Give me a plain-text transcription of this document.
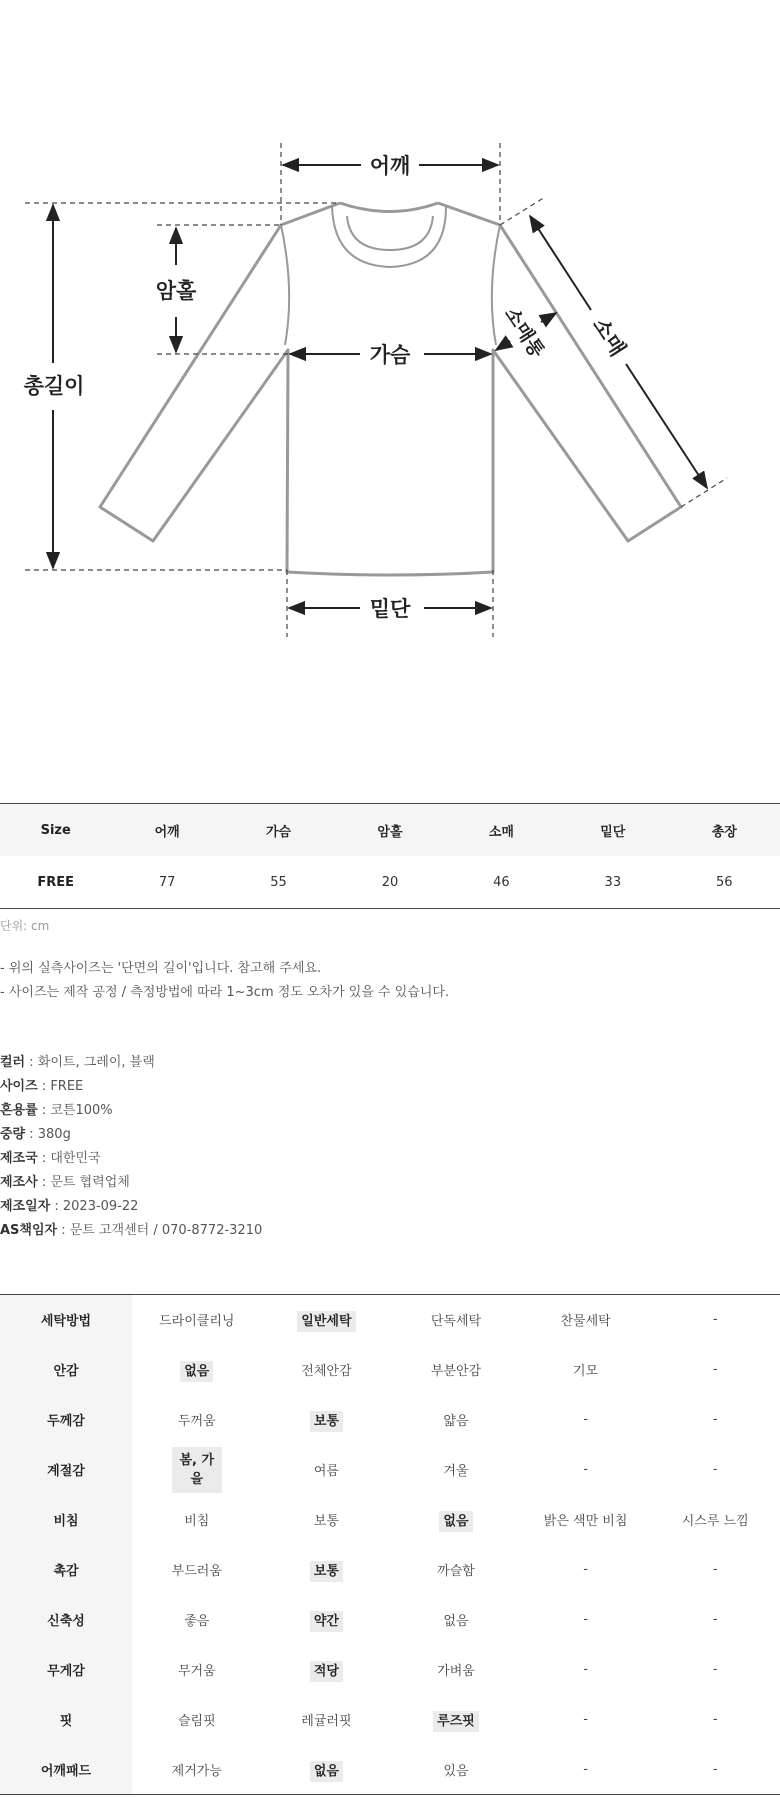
어깨
암홀
총길이
가슴
밑단
소매
소매통
Size	어깨	가슴	암홀	소매	밑단	총장
FREE	77	55	20	46	33	56
단위: cm
- 위의 실측사이즈는 '단면의 길이'입니다. 참고해 주세요.
- 사이즈는 제작 공정 / 측정방법에 따라 1~3cm 정도 오차가 있을 수 있습니다.
컬러 : 화이트, 그레이, 블랙
사이즈 : FREE
혼용률 : 코튼100%
중량 : 380g
제조국 : 대한민국
제조사 : 문트 협력업체
제조일자 : 2023-09-22
AS책임자 : 문트 고객센터 / 070-8772-3210
세탁방법	드라이클리닝	일반세탁	단독세탁	찬물세탁	-
안감	없음	전체안감	부분안감	기모	-
두께감	두꺼움	보통	얇음	-	-
계절감	봄, 가을	여름	겨울	-	-
비침	비침	보통	없음	밝은 색만 비침	시스루 느낌
촉감	부드러움	보통	까슬함	-	-
신축성	좋음	약간	없음	-	-
무게감	무거움	적당	가벼움	-	-
핏	슬림핏	레귤러핏	루즈핏	-	-
어깨패드	제거가능	없음	있음	-	-
